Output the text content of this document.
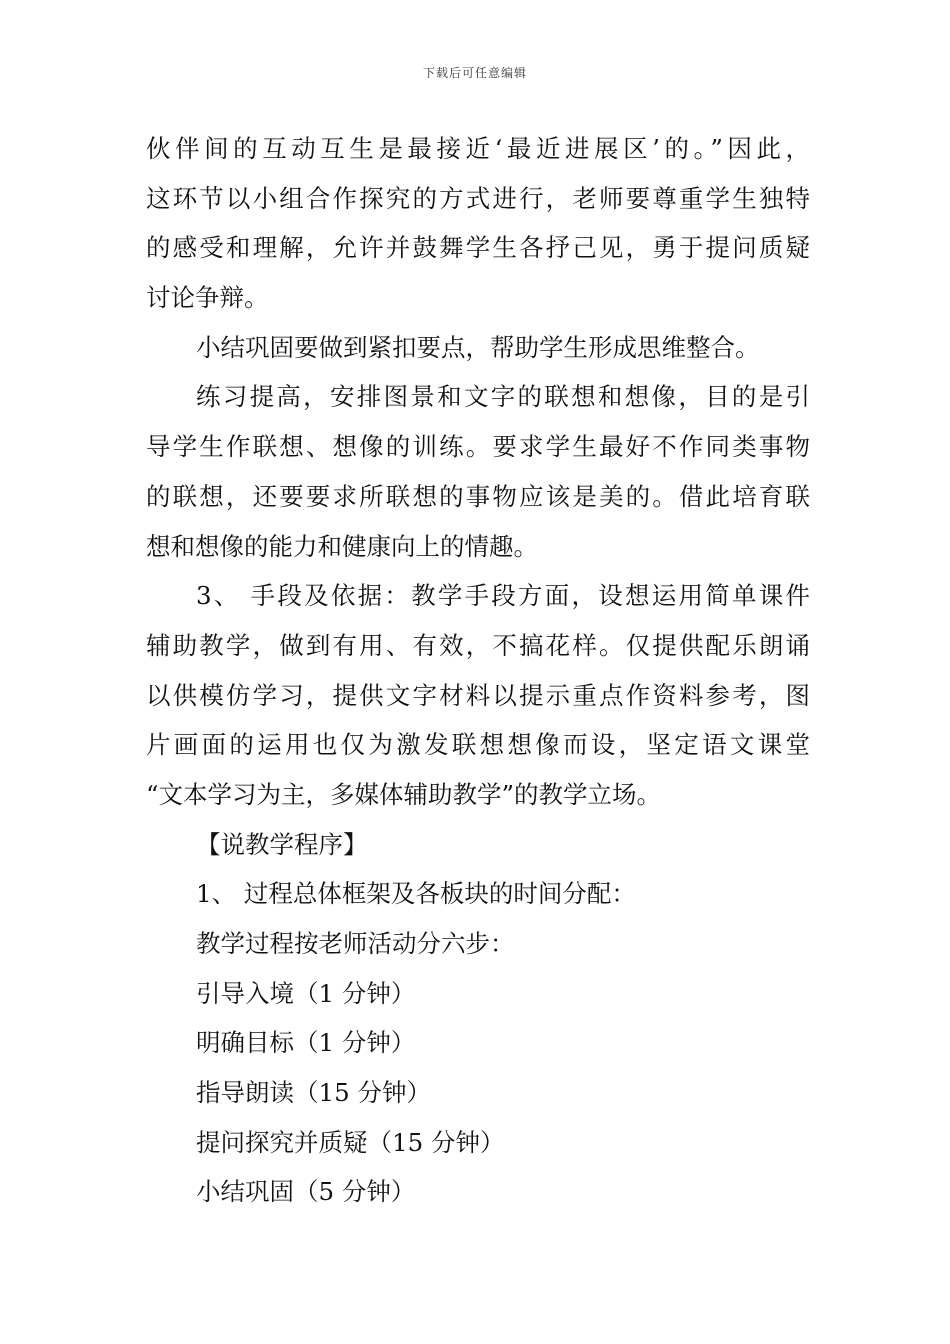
下载后可任意编辑
伙伴间的互动互生是最接近‘最近进展区’的。”因此，
这环节以小组合作探究的方式进行，老师要尊重学生独特
的感受和理解，允许并鼓舞学生各抒己见，勇于提问质疑
讨论争辩。
小结巩固要做到紧扣要点，帮助学生形成思维整合。
练习提高，安排图景和文字的联想和想像，目的是引
导学生作联想、想像的训练。要求学生最好不作同类事物
的联想，还要要求所联想的事物应该是美的。借此培育联
想和想像的能力和健康向上的情趣。
3、 手段及依据：教学手段方面，设想运用简单课件
辅助教学，做到有用、有效，不搞花样。仅提供配乐朗诵
以供模仿学习，提供文字材料以提示重点作资料参考，图
片画面的运用也仅为激发联想想像而设，坚定语文课堂
“文本学习为主，多媒体辅助教学”的教学立场。
【说教学程序】
1、 过程总体框架及各板块的时间分配：
教学过程按老师活动分六步：
引导入境（1 分钟）
明确目标（1 分钟）
指导朗读（15 分钟）
提问探究并质疑（15 分钟）
小结巩固（5 分钟）
